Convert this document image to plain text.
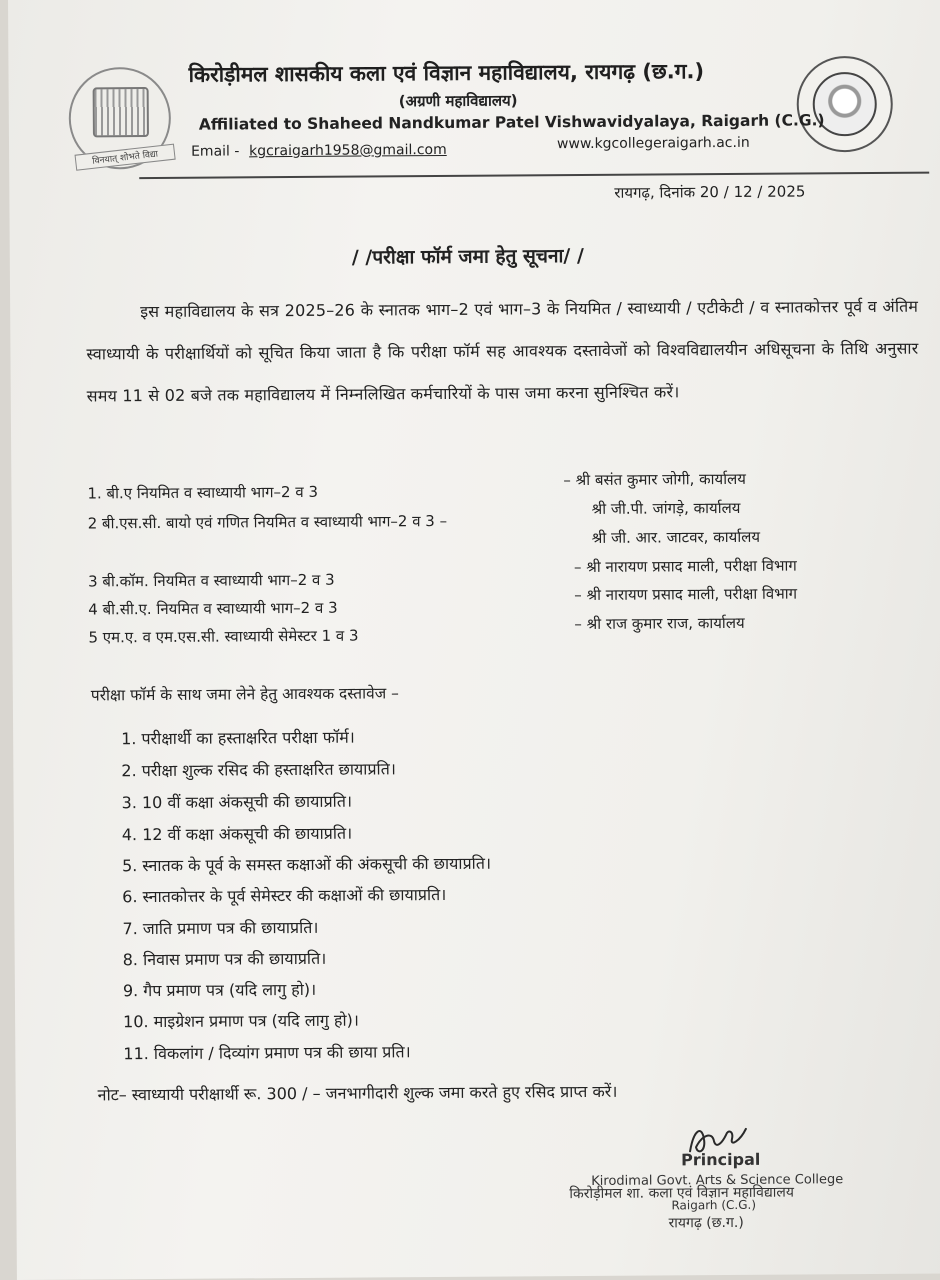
विनयात् शोभते विद्या
किरोड़ीमल शासकीय कला एवं विज्ञान महाविद्यालय, रायगढ़ (छ.ग.)
(अग्रणी महाविद्यालय)
Affiliated to Shaheed Nandkumar Patel Vishwavidyalaya, Raigarh (C.G.)
Email - kgcraigarh1958@gmail.com	www.kgcollegeraigarh.ac.in
रायगढ़, दिनांक 20 / 12 / 2025
/ /परीक्षा फॉर्म जमा हेतु सूचना/ /
इस महाविद्यालय के सत्र 2025–26 के स्नातक भाग–2 एवं भाग–3 के नियमित / स्वाध्यायी / एटीकेटी / व स्नातकोत्तर पूर्व व अंतिम स्वाध्यायी के परीक्षार्थियों को सूचित किया जाता है कि परीक्षा फॉर्म सह आवश्यक दस्तावेजों को विश्वविद्यालयीन अधिसूचना के तिथि अनुसार समय 11 से 02 बजे तक महाविद्यालय में निम्नलिखित कर्मचारियों के पास जमा करना सुनिश्चित करें।
1. बी.ए नियमित व स्वाध्यायी भाग–2 व 3
– श्री बसंत कुमार जोगी, कार्यालय
2 बी.एस.सी. बायो एवं गणित नियमित व स्वाध्यायी भाग–2 व 3 –
श्री जी.पी. जांगड़े, कार्यालय
श्री जी. आर. जाटवर, कार्यालय
3 बी.कॉम. नियमित व स्वाध्यायी भाग–2 व 3
– श्री नारायण प्रसाद माली, परीक्षा विभाग
4 बी.सी.ए. नियमित व स्वाध्यायी भाग–2 व 3
– श्री नारायण प्रसाद माली, परीक्षा विभाग
5 एम.ए. व एम.एस.सी. स्वाध्यायी सेमेस्टर 1 व 3
– श्री राज कुमार राज, कार्यालय
परीक्षा फॉर्म के साथ जमा लेने हेतु आवश्यक दस्तावेज –
1. परीक्षार्थी का हस्ताक्षरित परीक्षा फॉर्म।
2. परीक्षा शुल्क रसिद की हस्ताक्षरित छायाप्रति।
3. 10 वीं कक्षा अंकसूची की छायाप्रति।
4. 12 वीं कक्षा अंकसूची की छायाप्रति।
5. स्नातक के पूर्व के समस्त कक्षाओं की अंकसूची की छायाप्रति।
6. स्नातकोत्तर के पूर्व सेमेस्टर की कक्षाओं की छायाप्रति।
7. जाति प्रमाण पत्र की छायाप्रति।
8. निवास प्रमाण पत्र की छायाप्रति।
9. गैप प्रमाण पत्र (यदि लागु हो)।
10. माइग्रेशन प्रमाण पत्र (यदि लागु हो)।
11. विकलांग / दिव्यांग प्रमाण पत्र की छाया प्रति।
नोट– स्वाध्यायी परीक्षार्थी रू. 300 / – जनभागीदारी शुल्क जमा करते हुए रसिद प्राप्त करें।
Principal
Kirodimal Govt. Arts & Science College
किरोड़ीमल शा. कला एवं विज्ञान महाविद्यालय
Raigarh (C.G.)
रायगढ़ (छ.ग.)
